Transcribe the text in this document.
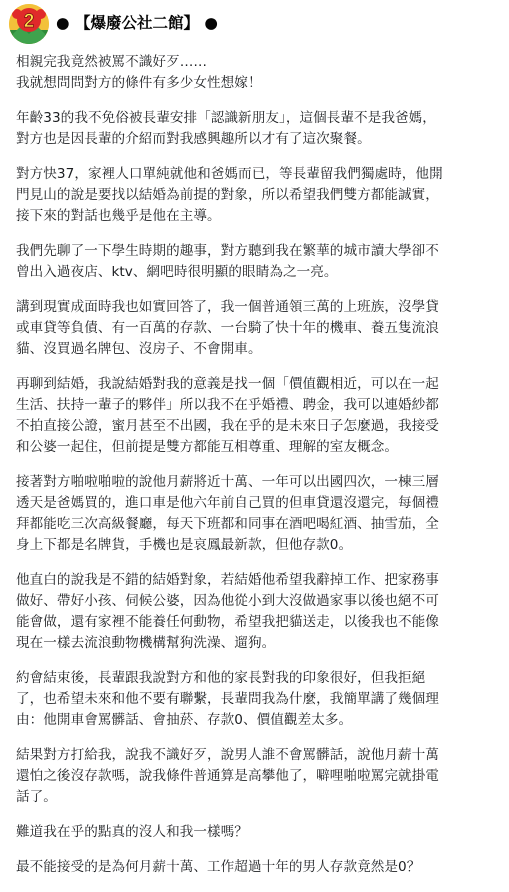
2 ● 【爆廢公社二館】 ●

相親完我竟然被罵不識好歹……
我就想問問對方的條件有多少女性想嫁！

年齡33的我不免俗被長輩安排「認識新朋友」，這個長輩不是我爸媽，
對方也是因長輩的介紹而對我感興趣所以才有了這次聚餐。

對方快37，家裡人口單純就他和爸媽而已，等長輩留我們獨處時，他開
門見山的說是要找以結婚為前提的對象，所以希望我們雙方都能誠實，
接下來的對話也幾乎是他在主導。

我們先聊了一下學生時期的趣事，對方聽到我在繁華的城市讀大學卻不
曾出入過夜店、ktv、網吧時很明顯的眼睛為之一亮。

講到現實成面時我也如實回答了，我一個普通領三萬的上班族，沒學貸
或車貸等負債、有一百萬的存款、一台騎了快十年的機車、養五隻流浪
貓、沒買過名牌包、沒房子、不會開車。

再聊到結婚，我說結婚對我的意義是找一個「價值觀相近，可以在一起
生活、扶持一輩子的夥伴」所以我不在乎婚禮、聘金，我可以連婚紗都
不拍直接公證，蜜月甚至不出國，我在乎的是未來日子怎麼過，我接受
和公婆一起住，但前提是雙方都能互相尊重、理解的室友概念。

接著對方啪啦啪啦的說他月薪將近十萬、一年可以出國四次，一棟三層
透天是爸媽買的，進口車是他六年前自己買的但車貸還沒還完，每個禮
拜都能吃三次高級餐廳，每天下班都和同事在酒吧喝紅酒、抽雪茄，全
身上下都是名牌貨，手機也是哀鳳最新款，但他存款0。

他直白的說我是不錯的結婚對象，若結婚他希望我辭掉工作、把家務事
做好、帶好小孩、伺候公婆，因為他從小到大沒做過家事以後也絕不可
能會做，還有家裡不能養任何動物，希望我把貓送走，以後我也不能像
現在一樣去流浪動物機構幫狗洗澡、遛狗。

約會結束後，長輩跟我說對方和他的家長對我的印象很好，但我拒絕
了，也希望未來和他不要有聯繫，長輩問我為什麼，我簡單講了幾個理
由：他開車會罵髒話、會抽菸、存款0、價值觀差太多。

結果對方打給我，說我不識好歹，說男人誰不會罵髒話，說他月薪十萬
還怕之後沒存款嗎，說我條件普通算是高攀他了，噼哩啪啦罵完就掛電
話了。

難道我在乎的點真的沒人和我一樣嗎？

最不能接受的是為何月薪十萬、工作超過十年的男人存款竟然是0？
